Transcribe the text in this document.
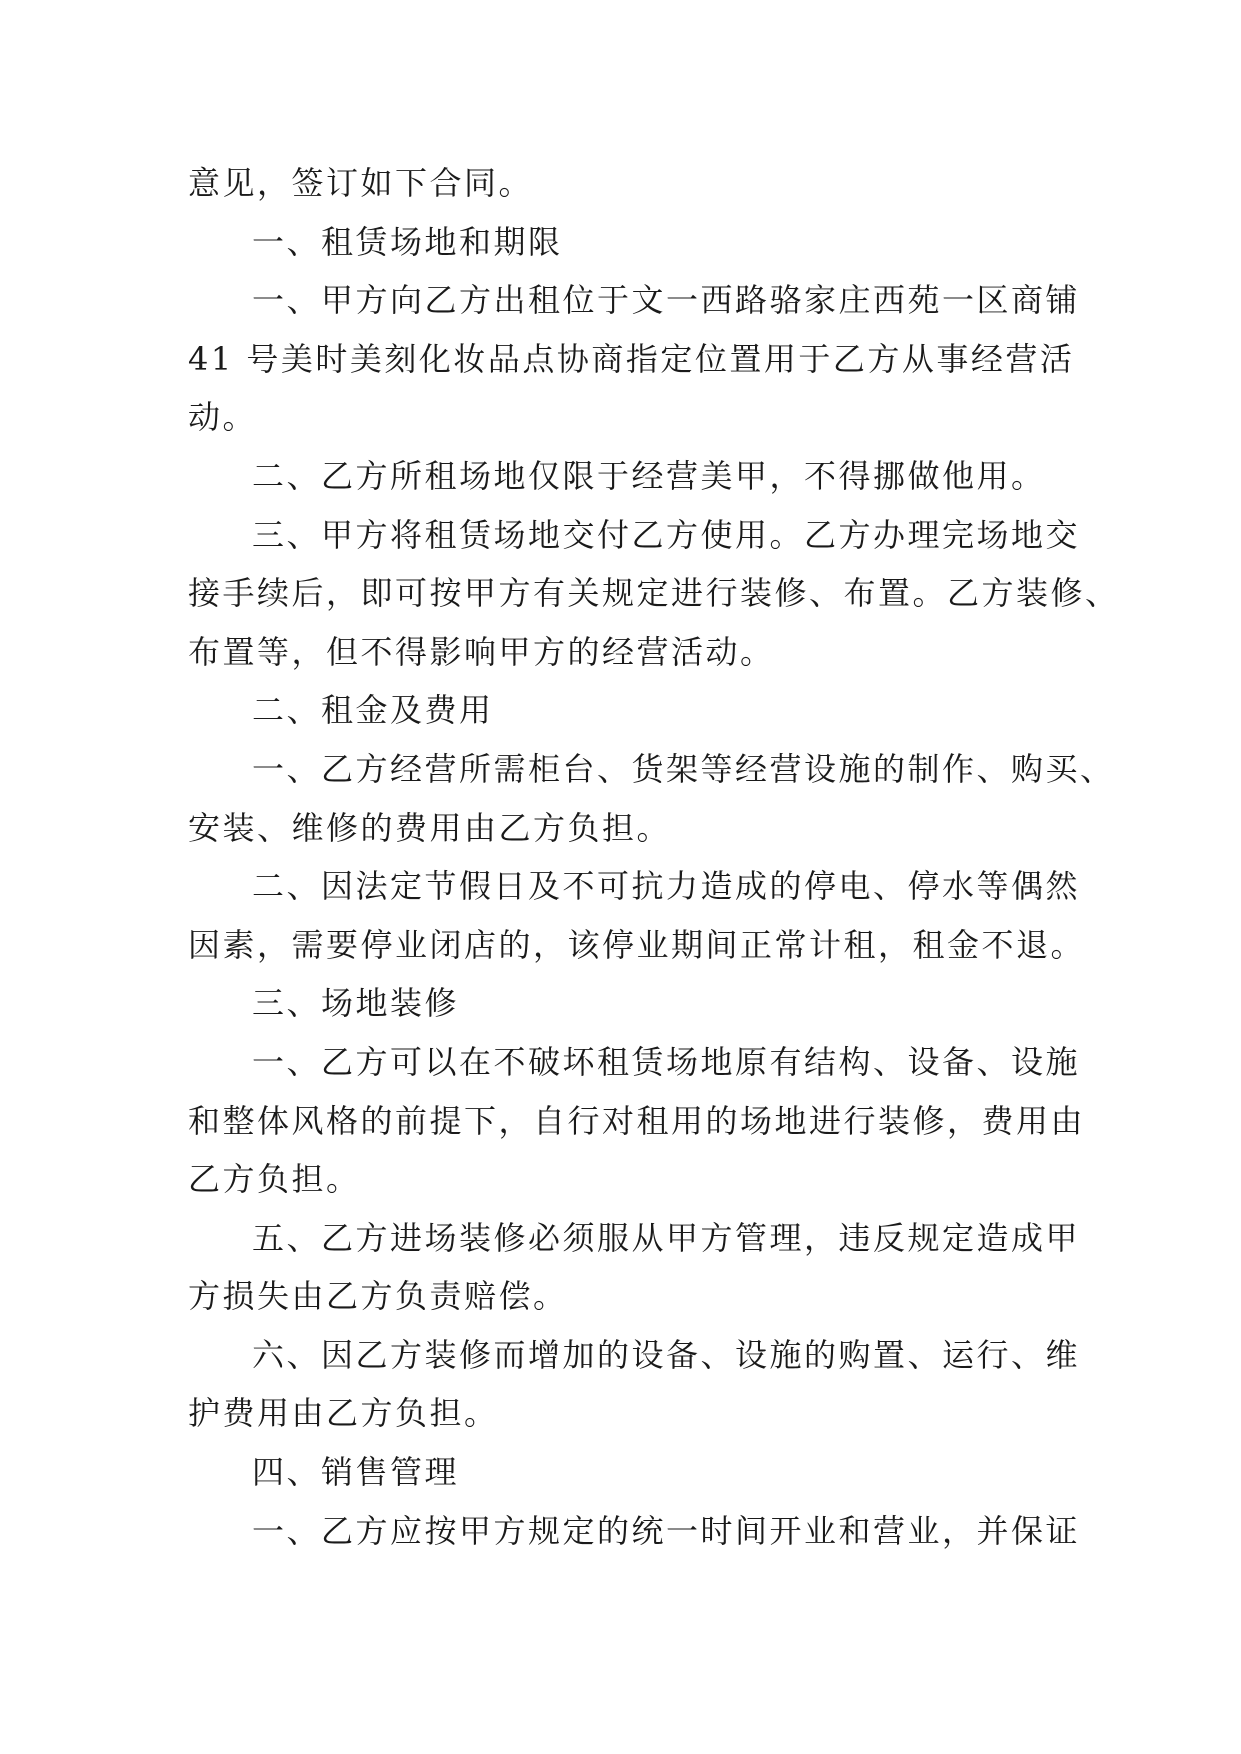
意见，签订如下合同。
一、租赁场地和期限
一、甲方向乙方出租位于文一西路骆家庄西苑一区商铺
41 号美时美刻化妆品点协商指定位置用于乙方从事经营活
动。
二、乙方所租场地仅限于经营美甲，不得挪做他用。
三、甲方将租赁场地交付乙方使用。乙方办理完场地交
接手续后，即可按甲方有关规定进行装修、布置。乙方装修、
布置等，但不得影响甲方的经营活动。
二、租金及费用
一、乙方经营所需柜台、货架等经营设施的制作、购买、
安装、维修的费用由乙方负担。
二、因法定节假日及不可抗力造成的停电、停水等偶然
因素，需要停业闭店的，该停业期间正常计租，租金不退。
三、场地装修
一、乙方可以在不破坏租赁场地原有结构、设备、设施
和整体风格的前提下，自行对租用的场地进行装修，费用由
乙方负担。
五、乙方进场装修必须服从甲方管理，违反规定造成甲
方损失由乙方负责赔偿。
六、因乙方装修而增加的设备、设施的购置、运行、维
护费用由乙方负担。
四、销售管理
一、乙方应按甲方规定的统一时间开业和营业，并保证
